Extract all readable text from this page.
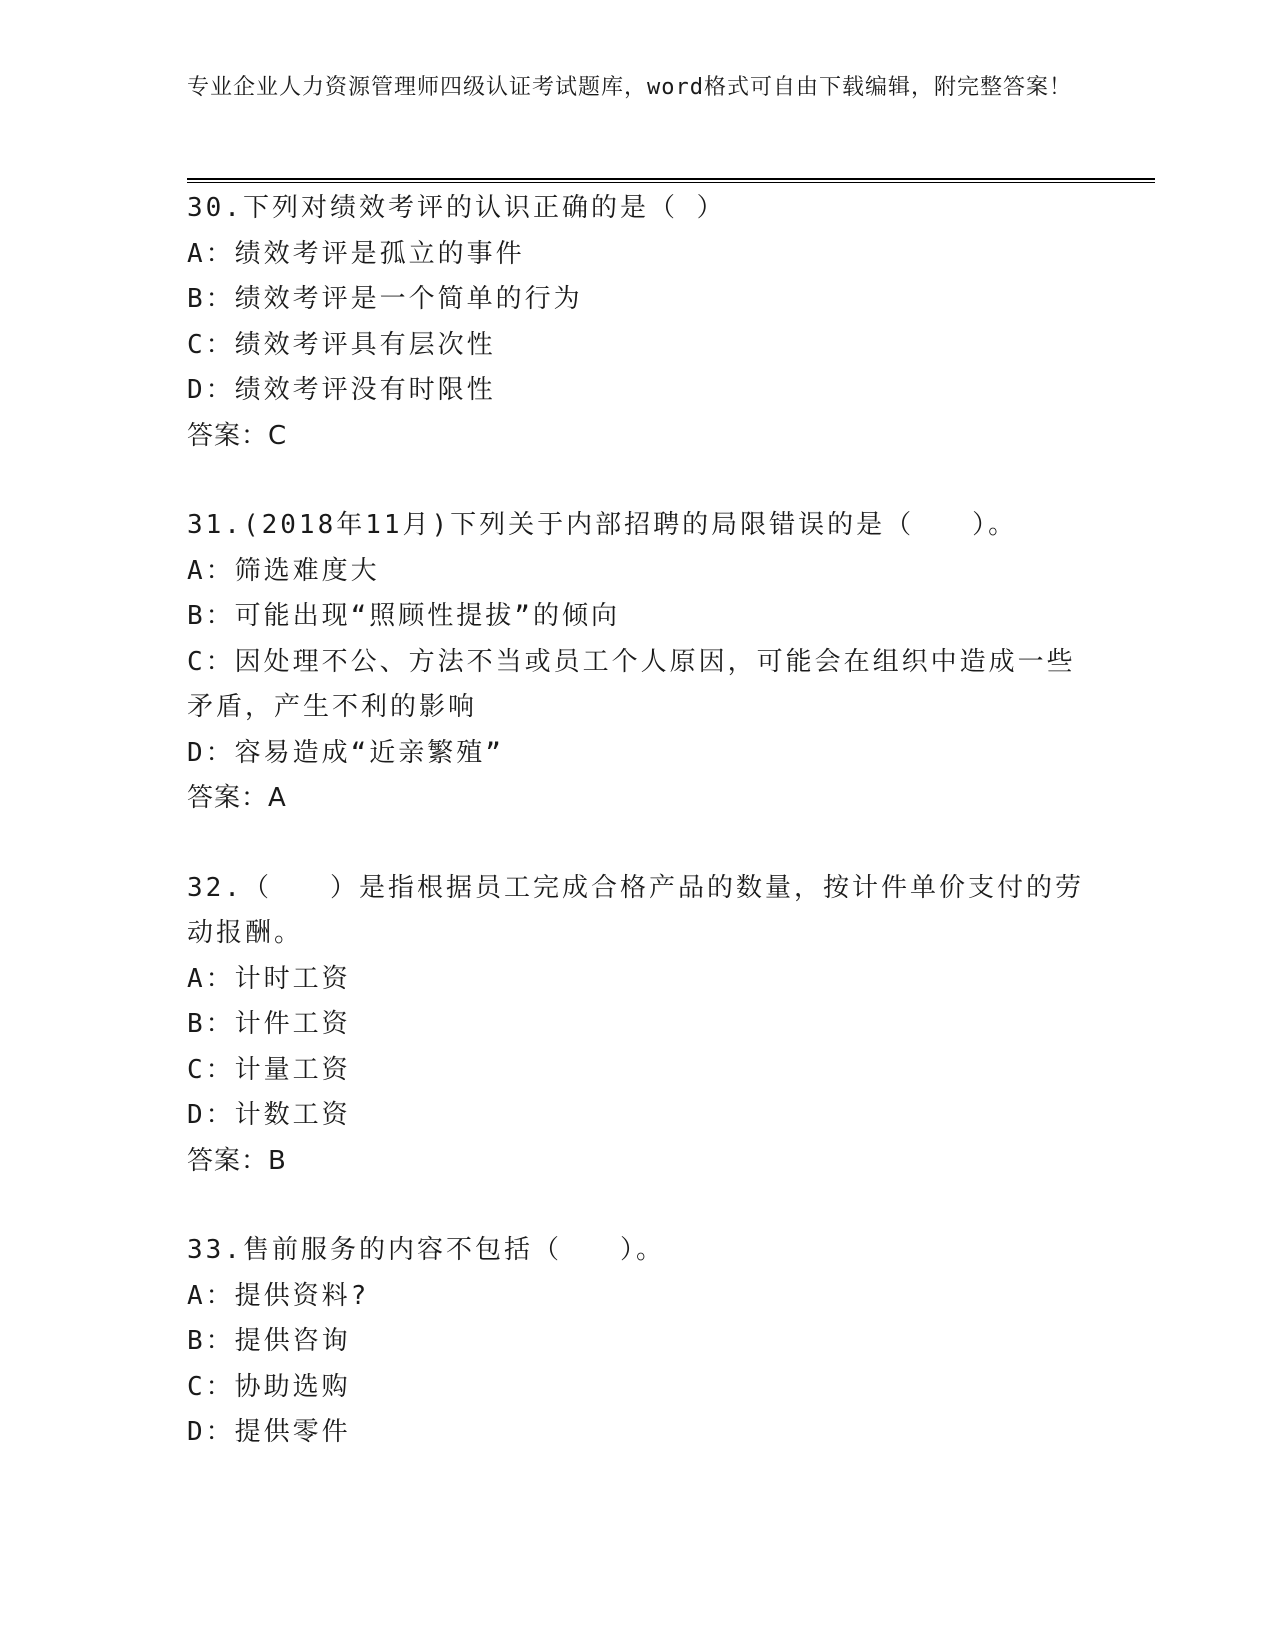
专业企业人力资源管理师四级认证考试题库，word格式可自由下载编辑，附完整答案！

30.下列对绩效考评的认识正确的是（ ）

A：绩效考评是孤立的事件

B：绩效考评是一个简单的行为

C：绩效考评具有层次性

D：绩效考评没有时限性

答案：C

31.(2018年11月)下列关于内部招聘的局限错误的是（　　）。

A：筛选难度大

B：可能出现“照顾性提拔”的倾向

C：因处理不公、方法不当或员工个人原因，可能会在组织中造成一些矛盾，产生不利的影响

D：容易造成“近亲繁殖”

答案：A

32.（　　）是指根据员工完成合格产品的数量，按计件单价支付的劳动报酬。

A：计时工资

B：计件工资

C：计量工资

D：计数工资

答案：B

33.售前服务的内容不包括（　　）。

A：提供资料?

B：提供咨询

C：协助选购

D：提供零件
